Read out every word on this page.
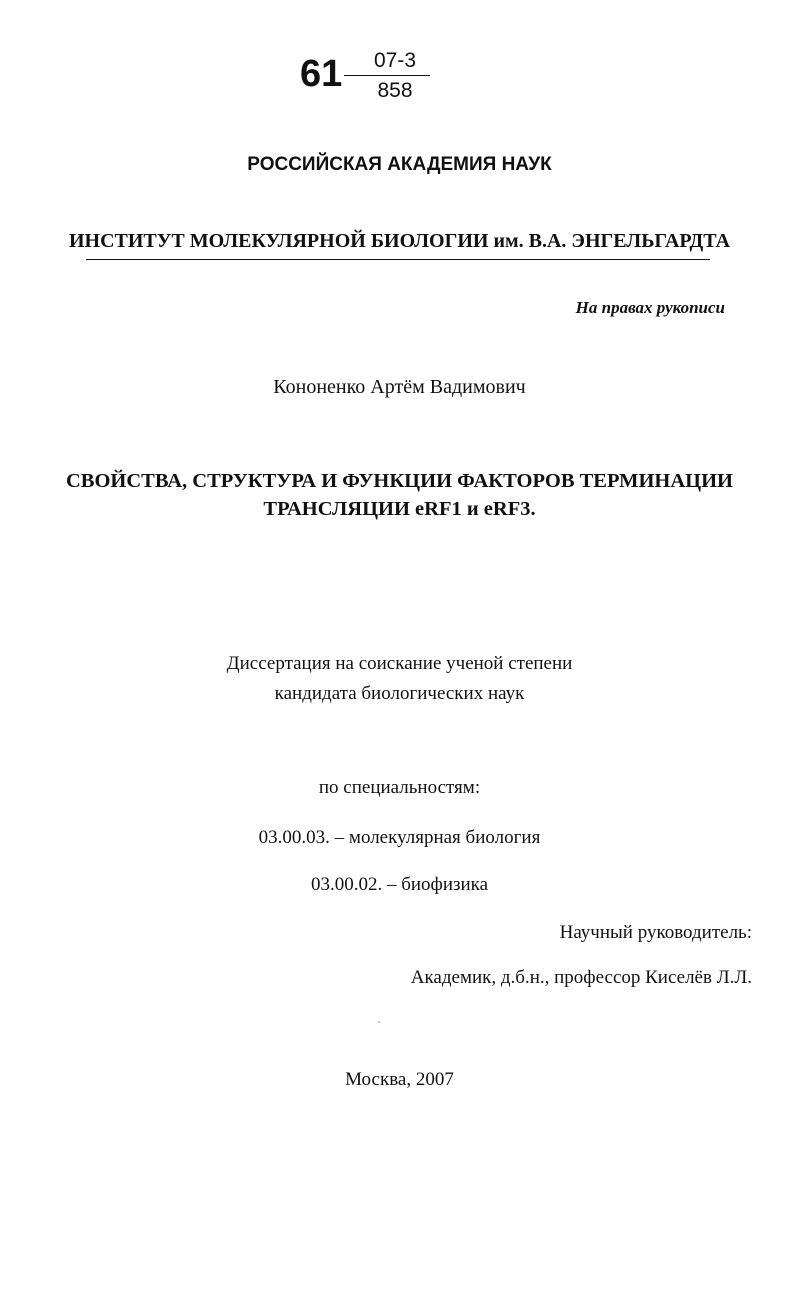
61	07-3
858
РОССИЙСКАЯ АКАДЕМИЯ НАУК
ИНСТИТУТ МОЛЕКУЛЯРНОЙ БИОЛОГИИ им. В.А. ЭНГЕЛЬГАРДТА
На правах рукописи
Кононенко Артём Вадимович
СВОЙСТВА, СТРУКТУРА И ФУНКЦИИ ФАКТОРОВ ТЕРМИНАЦИИ
ТРАНСЛЯЦИИ eRF1 и eRF3.
Диссертация на соискание ученой степени
кандидата биологических наук
по специальностям:
03.00.03. – молекулярная биология
03.00.02. – биофизика
Научный руководитель:
Академик, д.б.н., профессор Киселёв Л.Л.
Москва, 2007
